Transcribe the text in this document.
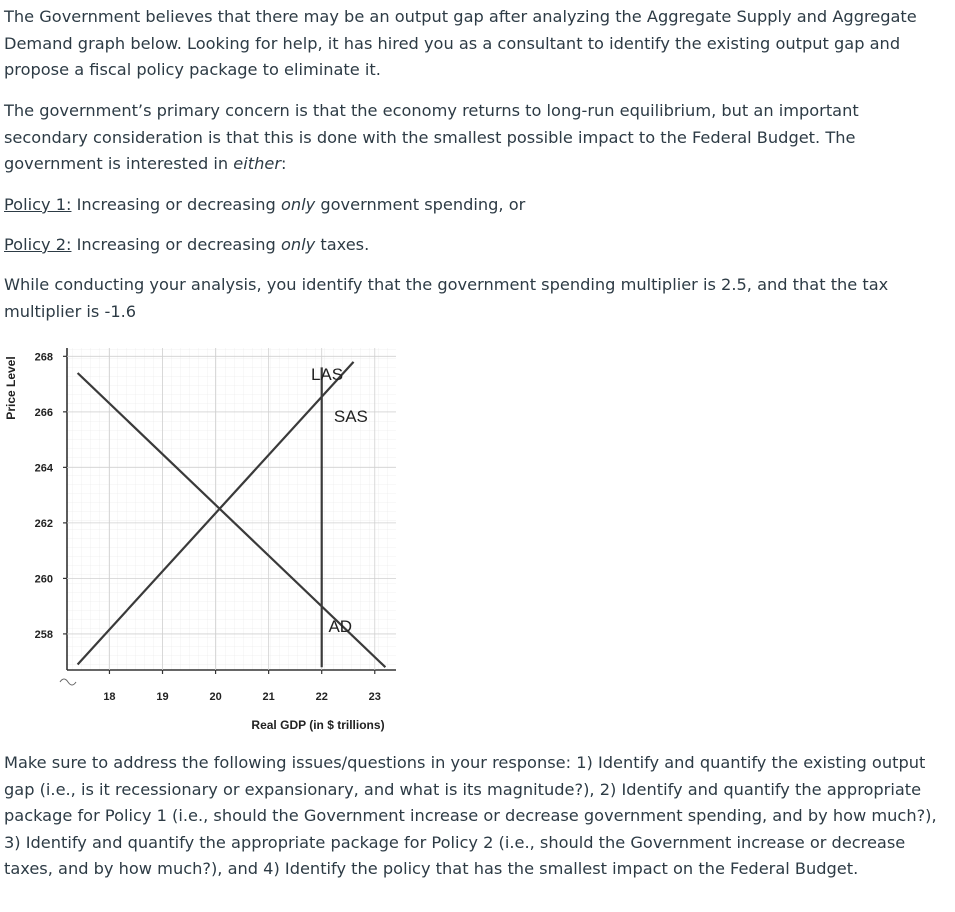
The Government believes that there may be an output gap after analyzing the Aggregate Supply and Aggregate Demand graph below. Looking for help, it has hired you as a consultant to identify the existing output gap and propose a fiscal policy package to eliminate it.

The government’s primary concern is that the economy returns to long-run equilibrium, but an important secondary consideration is that this is done with the smallest possible impact to the Federal Budget. The government is interested in either:

Policy 1: Increasing or decreasing only government spending, or

Policy 2: Increasing or decreasing only taxes.

While conducting your analysis, you identify that the government spending multiplier is 2.5, and that the tax multiplier is -1.6

268
266
264
262
260
258
18	19	20	21	22	23
LAS
SAS
AD
Real GDP (in $ trillions)
Price Level

Make sure to address the following issues/questions in your response: 1) Identify and quantify the existing output gap (i.e., is it recessionary or expansionary, and what is its magnitude?), 2) Identify and quantify the appropriate package for Policy 1 (i.e., should the Government increase or decrease government spending, and by how much?), 3) Identify and quantify the appropriate package for Policy 2 (i.e., should the Government increase or decrease taxes, and by how much?), and 4) Identify the policy that has the smallest impact on the Federal Budget.
